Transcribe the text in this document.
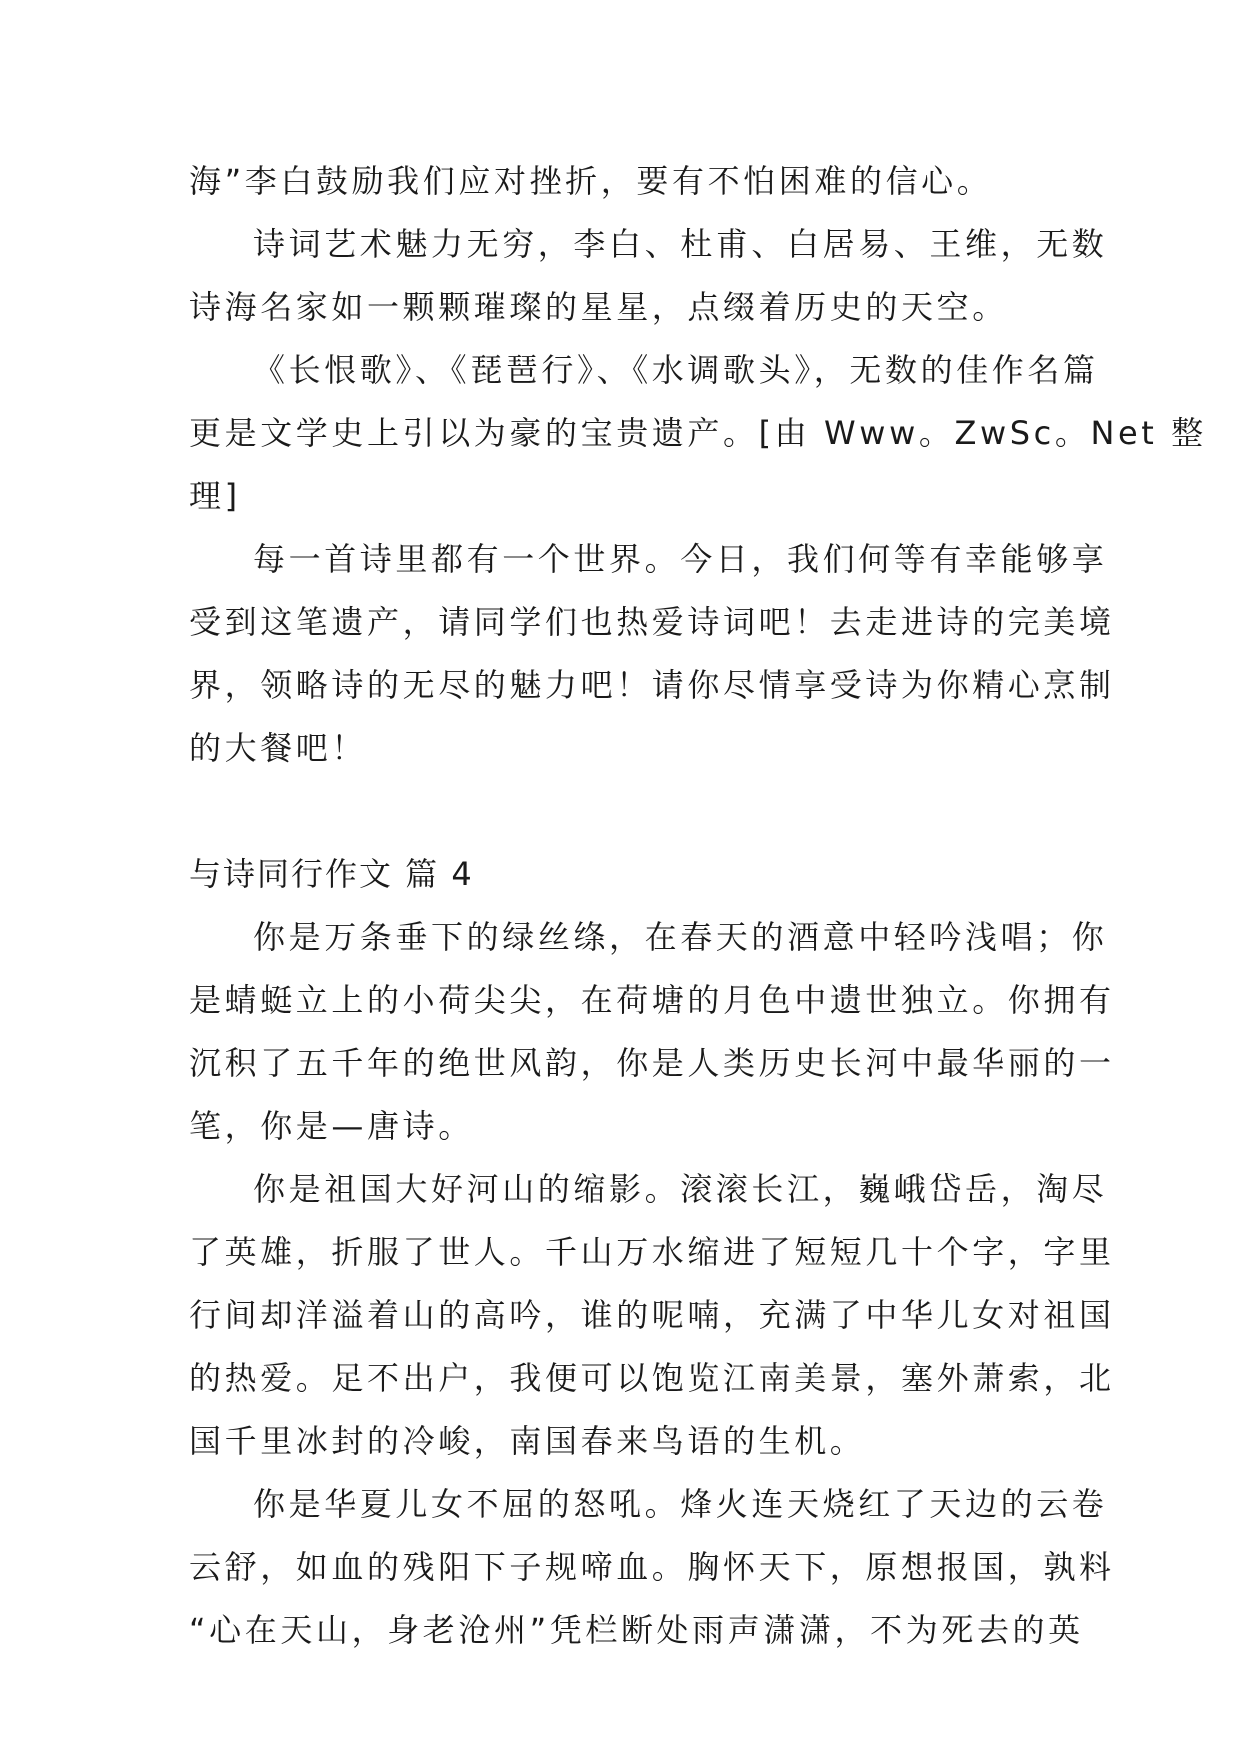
海”李白鼓励我们应对挫折，要有不怕困难的信心。
诗词艺术魅力无穷，李白、杜甫、白居易、王维，无数
诗海名家如一颗颗璀璨的星星，点缀着历史的天空。
《长恨歌》、《琵琶行》、《水调歌头》，无数的佳作名篇
更是文学史上引以为豪的宝贵遗产。[由 Www。ZwSc。Net 整
理]
每一首诗里都有一个世界。今日，我们何等有幸能够享
受到这笔遗产，请同学们也热爱诗词吧！去走进诗的完美境
界，领略诗的无尽的魅力吧！请你尽情享受诗为你精心烹制
的大餐吧！
与诗同行作文 篇 4
你是万条垂下的绿丝绦，在春天的酒意中轻吟浅唱；你
是蜻蜓立上的小荷尖尖，在荷塘的月色中遗世独立。你拥有
沉积了五千年的绝世风韵，你是人类历史长河中最华丽的一
笔，你是—唐诗。
你是祖国大好河山的缩影。滚滚长江，巍峨岱岳，淘尽
了英雄，折服了世人。千山万水缩进了短短几十个字，字里
行间却洋溢着山的高吟，谁的呢喃，充满了中华儿女对祖国
的热爱。足不出户，我便可以饱览江南美景，塞外萧索，北
国千里冰封的冷峻，南国春来鸟语的生机。
你是华夏儿女不屈的怒吼。烽火连天烧红了天边的云卷
云舒，如血的残阳下子规啼血。胸怀天下，原想报国，孰料
“心在天山，身老沧州”凭栏断处雨声潇潇，不为死去的英
